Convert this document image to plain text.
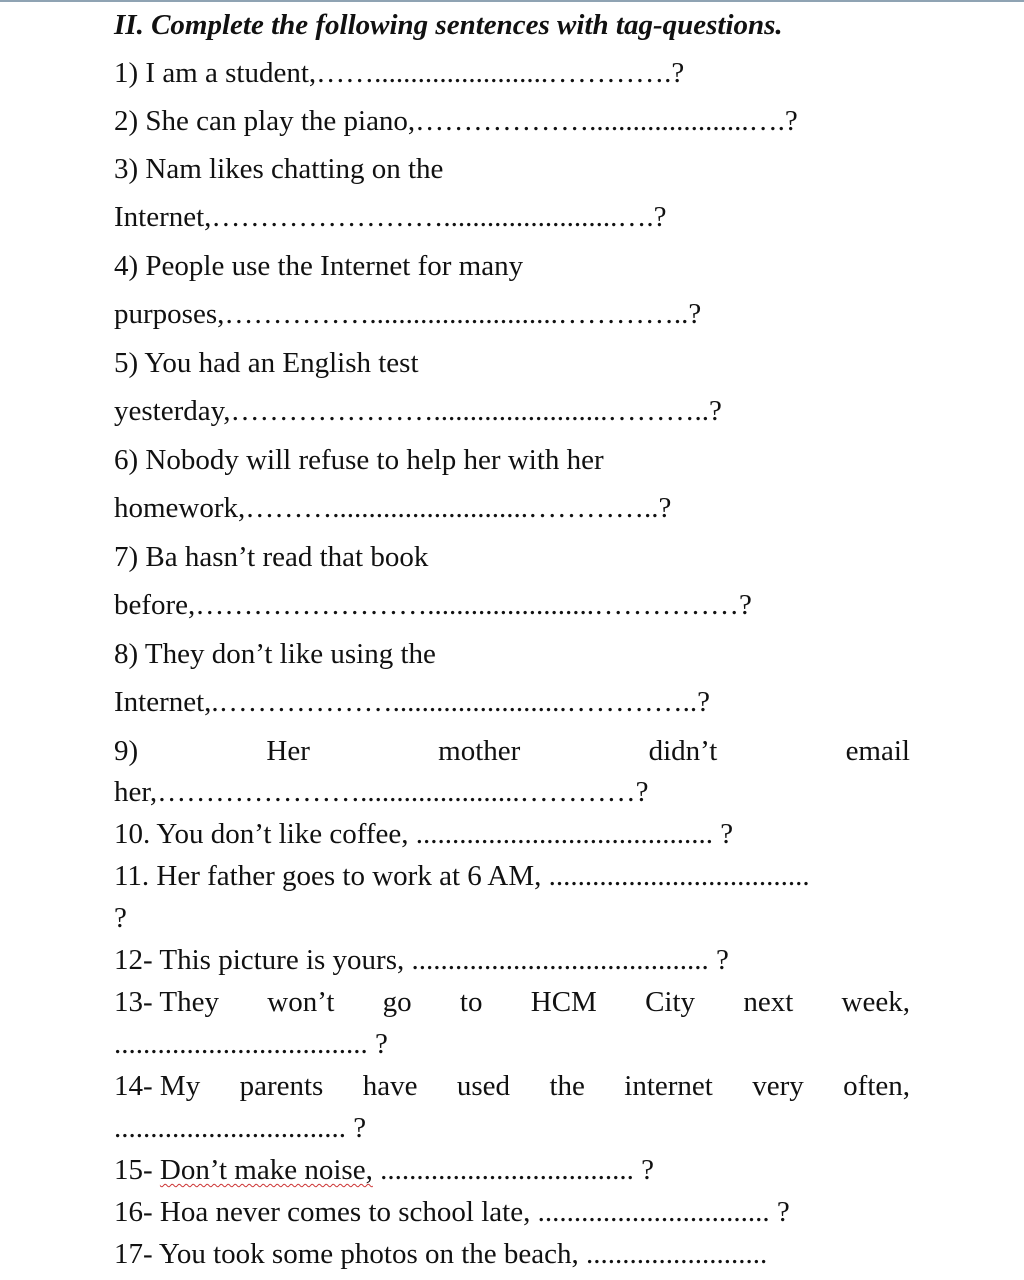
II. Complete the following sentences with tag-questions.
1) I am a student,……........................………….?
2) She can play the piano,………………......................….?
3) Nam likes chatting on the
Internet,……………………........................….?
4) People use the Internet for many
purposes,……………..........................…………..?
5) You had an English test
yesterday,…………………........................………..?
6) Nobody will refuse to help her with her
homework,………...........................…………..?
7) Ba hasn’t read that book
before,…………………….......................……………?
8) They don’t like using the
Internet,.………………........................…………..?
9)	Her	mother	didn’t	email
her,…………………......................…………?
10. You don’t like coffee, ......................................... ?
11. Her father goes to work at 6 AM, ....................................
?
12- This picture is yours, ......................................... ?
13- They won’t go to HCM City next week,
................................... ?
14- My parents have used the internet very often,
................................ ?
15- Don’t make noise, ................................... ?
16- Hoa never comes to school late, ................................ ?
17- You took some photos on the beach, .........................
